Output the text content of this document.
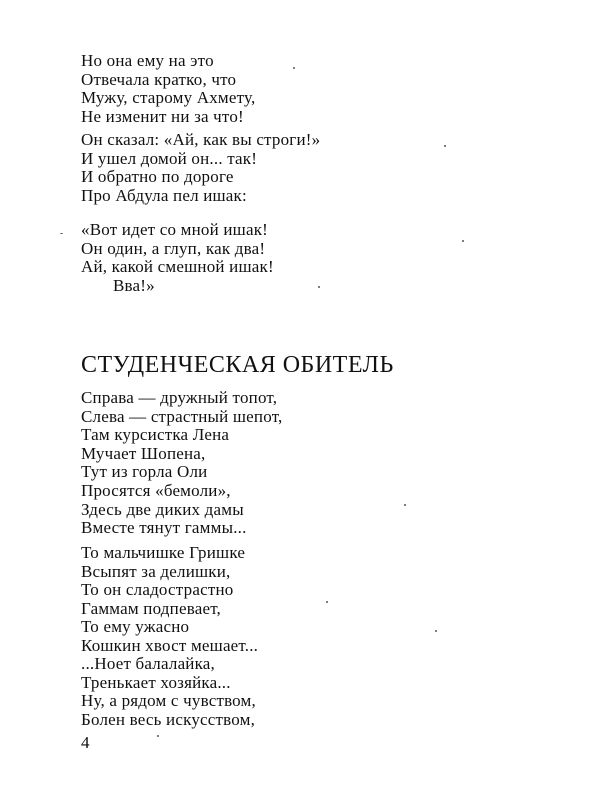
Но она ему на это
Отвечала кратко, что
Мужу, старому Ахмету,
Не изменит ни за что!
Он сказал: «Ай, как вы строги!»
И ушел домой он... так!
И обратно по дороге
Про Абдула пел ишак:
«Вот идет со мной ишак!
Он один, а глуп, как два!
Ай, какой смешной ишак!
Вва!»
СТУДЕНЧЕСКАЯ ОБИТЕЛЬ
Справа — дружный топот,
Слева — страстный шепот,
Там курсистка Лена
Мучает Шопена,
Тут из горла Оли
Просятся «бемоли»,
Здесь две диких дамы
Вместе тянут гаммы...
То мальчишке Гришке
Всыпят за делишки,
То он сладострастно
Гаммам подпевает,
То ему ужасно
Кошкин хвост мешает...
...Ноет балалайка,
Тренькает хозяйка...
Ну, а рядом с чувством,
Болен весь искусством,
4
